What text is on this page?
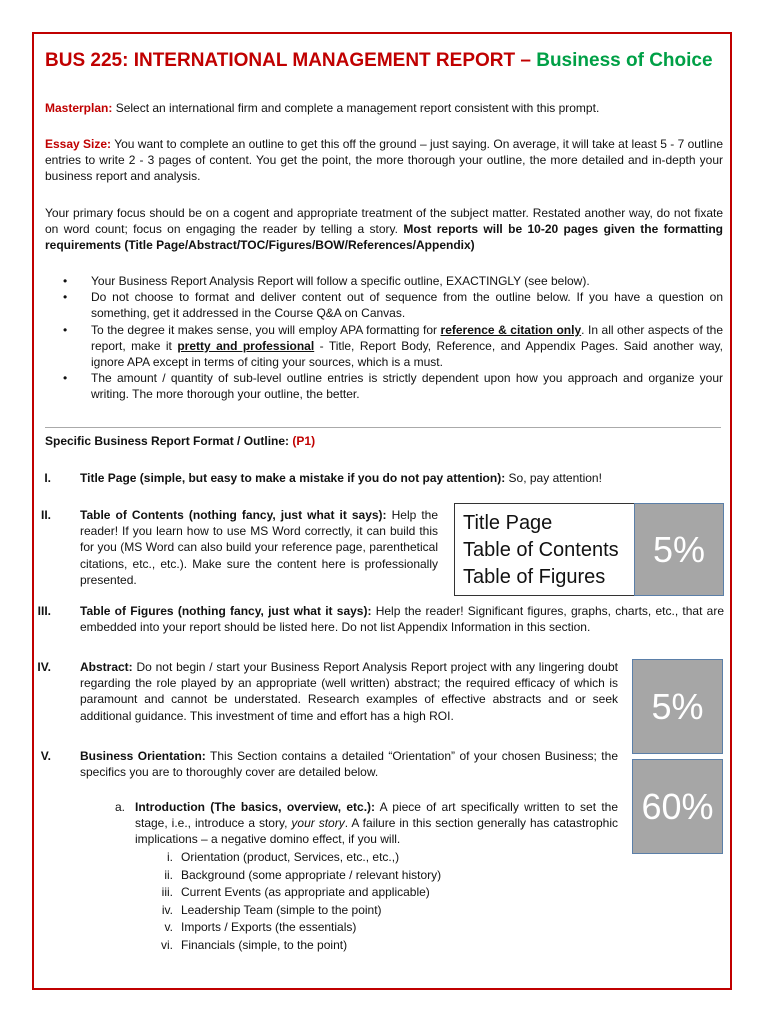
BUS 225: INTERNATIONAL MANAGEMENT REPORT – Business of Choice
Masterplan: Select an international firm and complete a management report consistent with this prompt.
Essay Size: You want to complete an outline to get this off the ground – just saying. On average, it will take at least 5 - 7 outline entries to write 2 - 3 pages of content. You get the point, the more thorough your outline, the more detailed and in-depth your business report and analysis.
Your primary focus should be on a cogent and appropriate treatment of the subject matter. Restated another way, do not fixate on word count; focus on engaging the reader by telling a story. Most reports will be 10-20 pages given the formatting requirements (Title Page/Abstract/TOC/Figures/BOW/References/Appendix)
• Your Business Report Analysis Report will follow a specific outline, EXACTINGLY (see below).
• Do not choose to format and deliver content out of sequence from the outline below. If you have a question on something, get it addressed in the Course Q&A on Canvas.
• To the degree it makes sense, you will employ APA formatting for reference & citation only. In all other aspects of the report, make it pretty and professional - Title, Report Body, Reference, and Appendix Pages. Said another way, ignore APA except in terms of citing your sources, which is a must.
• The amount / quantity of sub-level outline entries is strictly dependent upon how you approach and organize your writing. The more thorough your outline, the better.
Specific Business Report Format / Outline: (P1)
I. Title Page (simple, but easy to make a mistake if you do not pay attention): So, pay attention!
II. Table of Contents (nothing fancy, just what it says): Help the reader! If you learn how to use MS Word correctly, it can build this for you (MS Word can also build your reference page, parenthetical citations, etc., etc.). Make sure the content here is professionally presented.
Title Page
Table of Contents
Table of Figures
5%
III. Table of Figures (nothing fancy, just what it says): Help the reader! Significant figures, graphs, charts, etc., that are embedded into your report should be listed here. Do not list Appendix Information in this section.
IV. Abstract: Do not begin / start your Business Report Analysis Report project with any lingering doubt regarding the role played by an appropriate (well written) abstract; the required efficacy of which is paramount and cannot be understated. Research examples of effective abstracts and or seek additional guidance. This investment of time and effort has a high ROI.	5%
V. Business Orientation: This Section contains a detailed “Orientation” of your chosen Business; the specifics you are to thoroughly cover are detailed below.
60%
a. Introduction (The basics, overview, etc.): A piece of art specifically written to set the stage, i.e., introduce a story, your story. A failure in this section generally has catastrophic implications – a negative domino effect, if you will.
i. Orientation (product, Services, etc., etc.,)
ii. Background (some appropriate / relevant history)
iii. Current Events (as appropriate and applicable)
iv. Leadership Team (simple to the point)
v. Imports / Exports (the essentials)
vi. Financials (simple, to the point)
